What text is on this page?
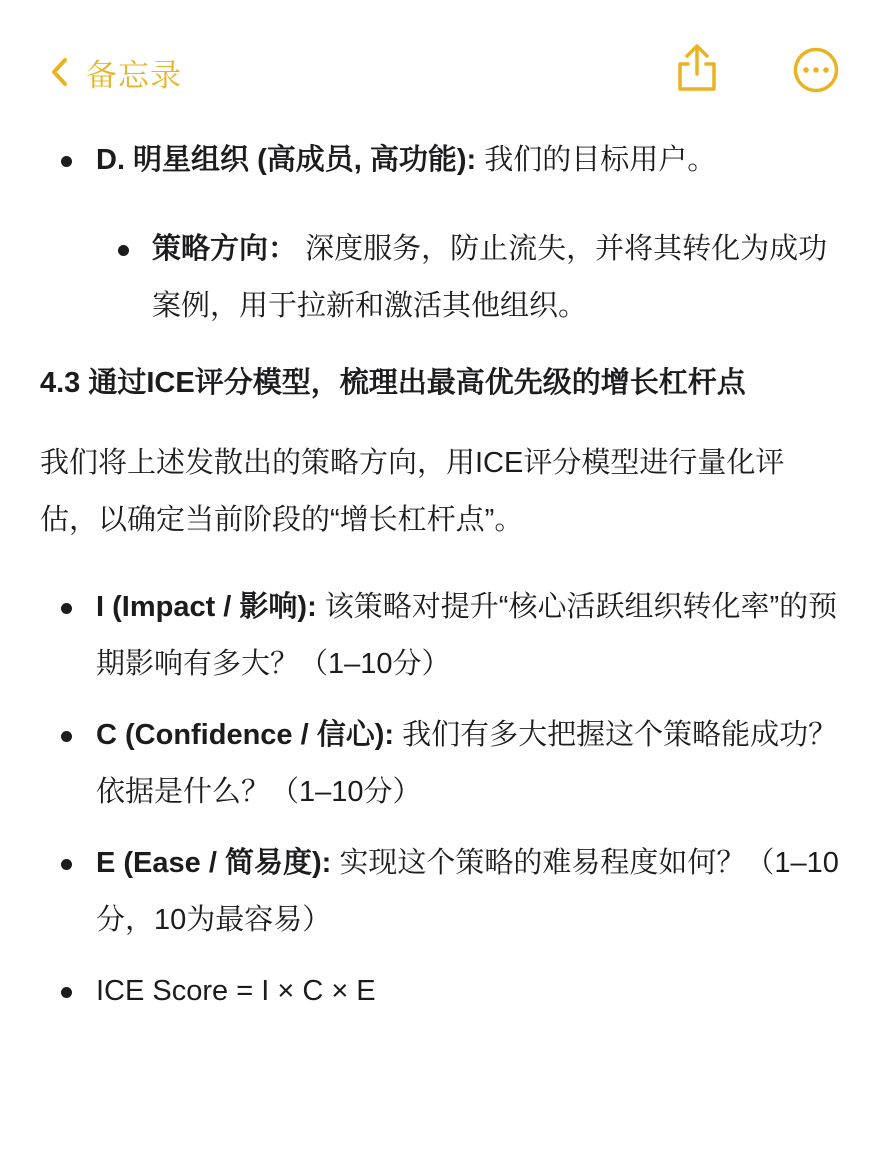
备忘录
D. 明星组织 (高成员, 高功能): 我们的目标用户。
策略方向： 深度服务，防止流失，并将其转化为成功案例，用于拉新和激活其他组织。
4.3 通过ICE评分模型，梳理出最高优先级的增长杠杆点
我们将上述发散出的策略方向，用ICE评分模型进行量化评估，以确定当前阶段的“增长杠杆点”。
I (Impact / 影响): 该策略对提升“核心活跃组织转化率”的预期影响有多大？（1–10分）
C (Confidence / 信心): 我们有多大把握这个策略能成功？依据是什么？（1–10分）
E (Ease / 简易度): 实现这个策略的难易程度如何？（1–10分，10为最容易）
ICE Score = I × C × E
